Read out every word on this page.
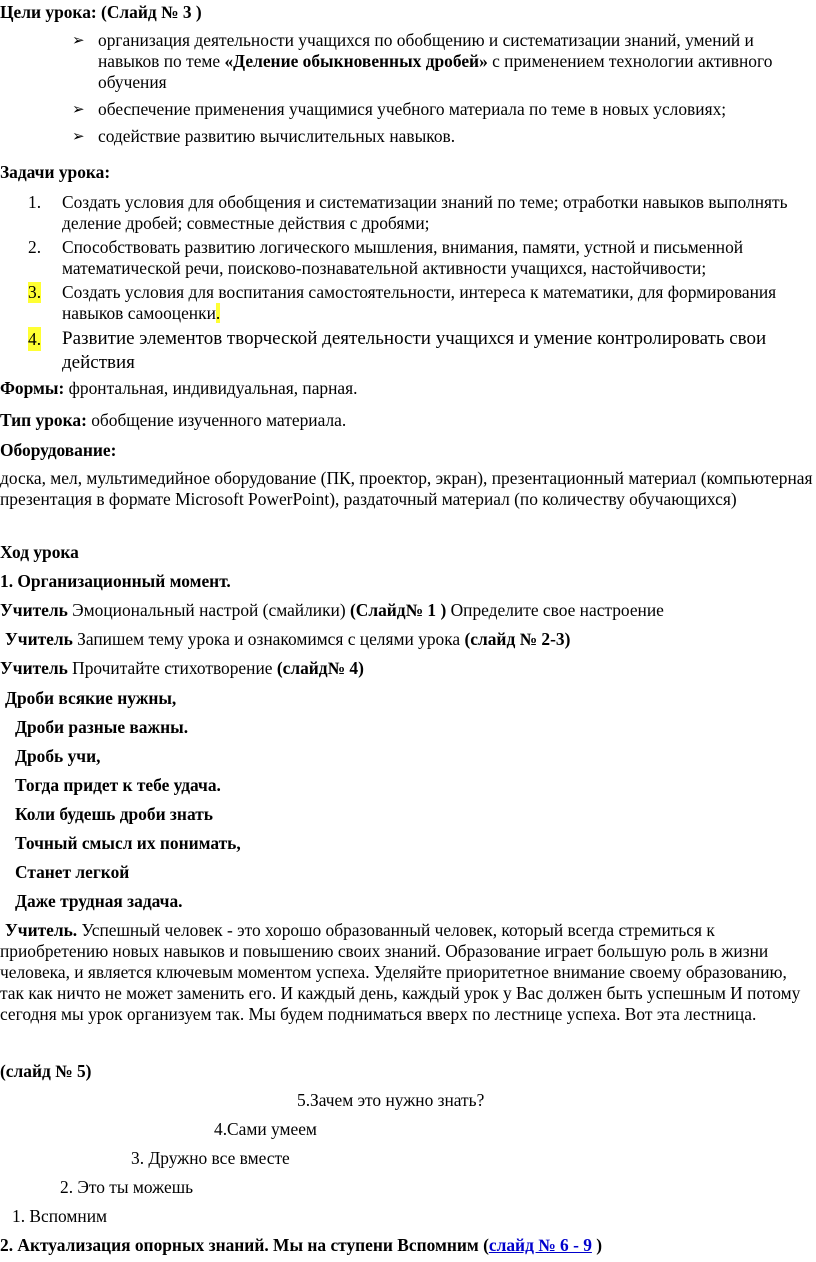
Цели урока: (Слайд № 3 )
➢ организация деятельности учащихся по обобщению и систематизации знаний, умений и навыков по теме «Деление обыкновенных дробей» с применением технологии активного обучения
➢ обеспечение применения учащимися учебного материала по теме в новых условиях;
➢ содействие развитию вычислительных навыков.
Задачи урока:
1. Создать условия для обобщения и систематизации знаний по теме; отработки навыков выполнять деление дробей; совместные действия с дробями;
2. Способствовать развитию логического мышления, внимания, памяти, устной и письменной математической речи, поисково-познавательной активности учащихся, настойчивости;
3. Создать условия для воспитания самостоятельности, интереса к математики, для формирования навыков самооценки.
4. Развитие элементов творческой деятельности учащихся и умение контролировать свои действия
Формы: фронтальная, индивидуальная, парная.
Тип урока: обобщение изученного материала.
Оборудование:
доска, мел, мультимедийное оборудование (ПК, проектор, экран), презентационный материал (компьютерная презентация в формате Microsoft PowerPoint), раздаточный материал (по количеству обучающихся)
Ход урока
1. Организационный момент.
Учитель Эмоциональный настрой (смайлики) (Слайд№ 1 ) Определите свое настроение
Учитель Запишем тему урока и ознакомимся с целями урока (слайд № 2-3)
Учитель Прочитайте стихотворение (слайд№ 4)
Дроби всякие нужны,
Дроби разные важны.
Дробь учи,
Тогда придет к тебе удача.
Коли будешь дроби знать
Точный смысл их понимать,
Станет легкой
Даже трудная задача.
Учитель. Успешный человек - это хорошо образованный человек, который всегда стремиться к приобретению новых навыков и повышению своих знаний. Образование играет большую роль в жизни человека, и является ключевым моментом успеха. Уделяйте приоритетное внимание своему образованию, так как ничто не может заменить его. И каждый день, каждый урок у Вас должен быть успешным И потому сегодня мы урок организуем так. Мы будем подниматься вверх по лестнице успеха. Вот эта лестница.
(слайд № 5)
5.Зачем это нужно знать?
4.Сами умеем
3. Дружно все вместе
2. Это ты можешь
1. Вспомним
2. Актуализация опорных знаний. Мы на ступени Вспомним (слайд № 6 - 9 )
